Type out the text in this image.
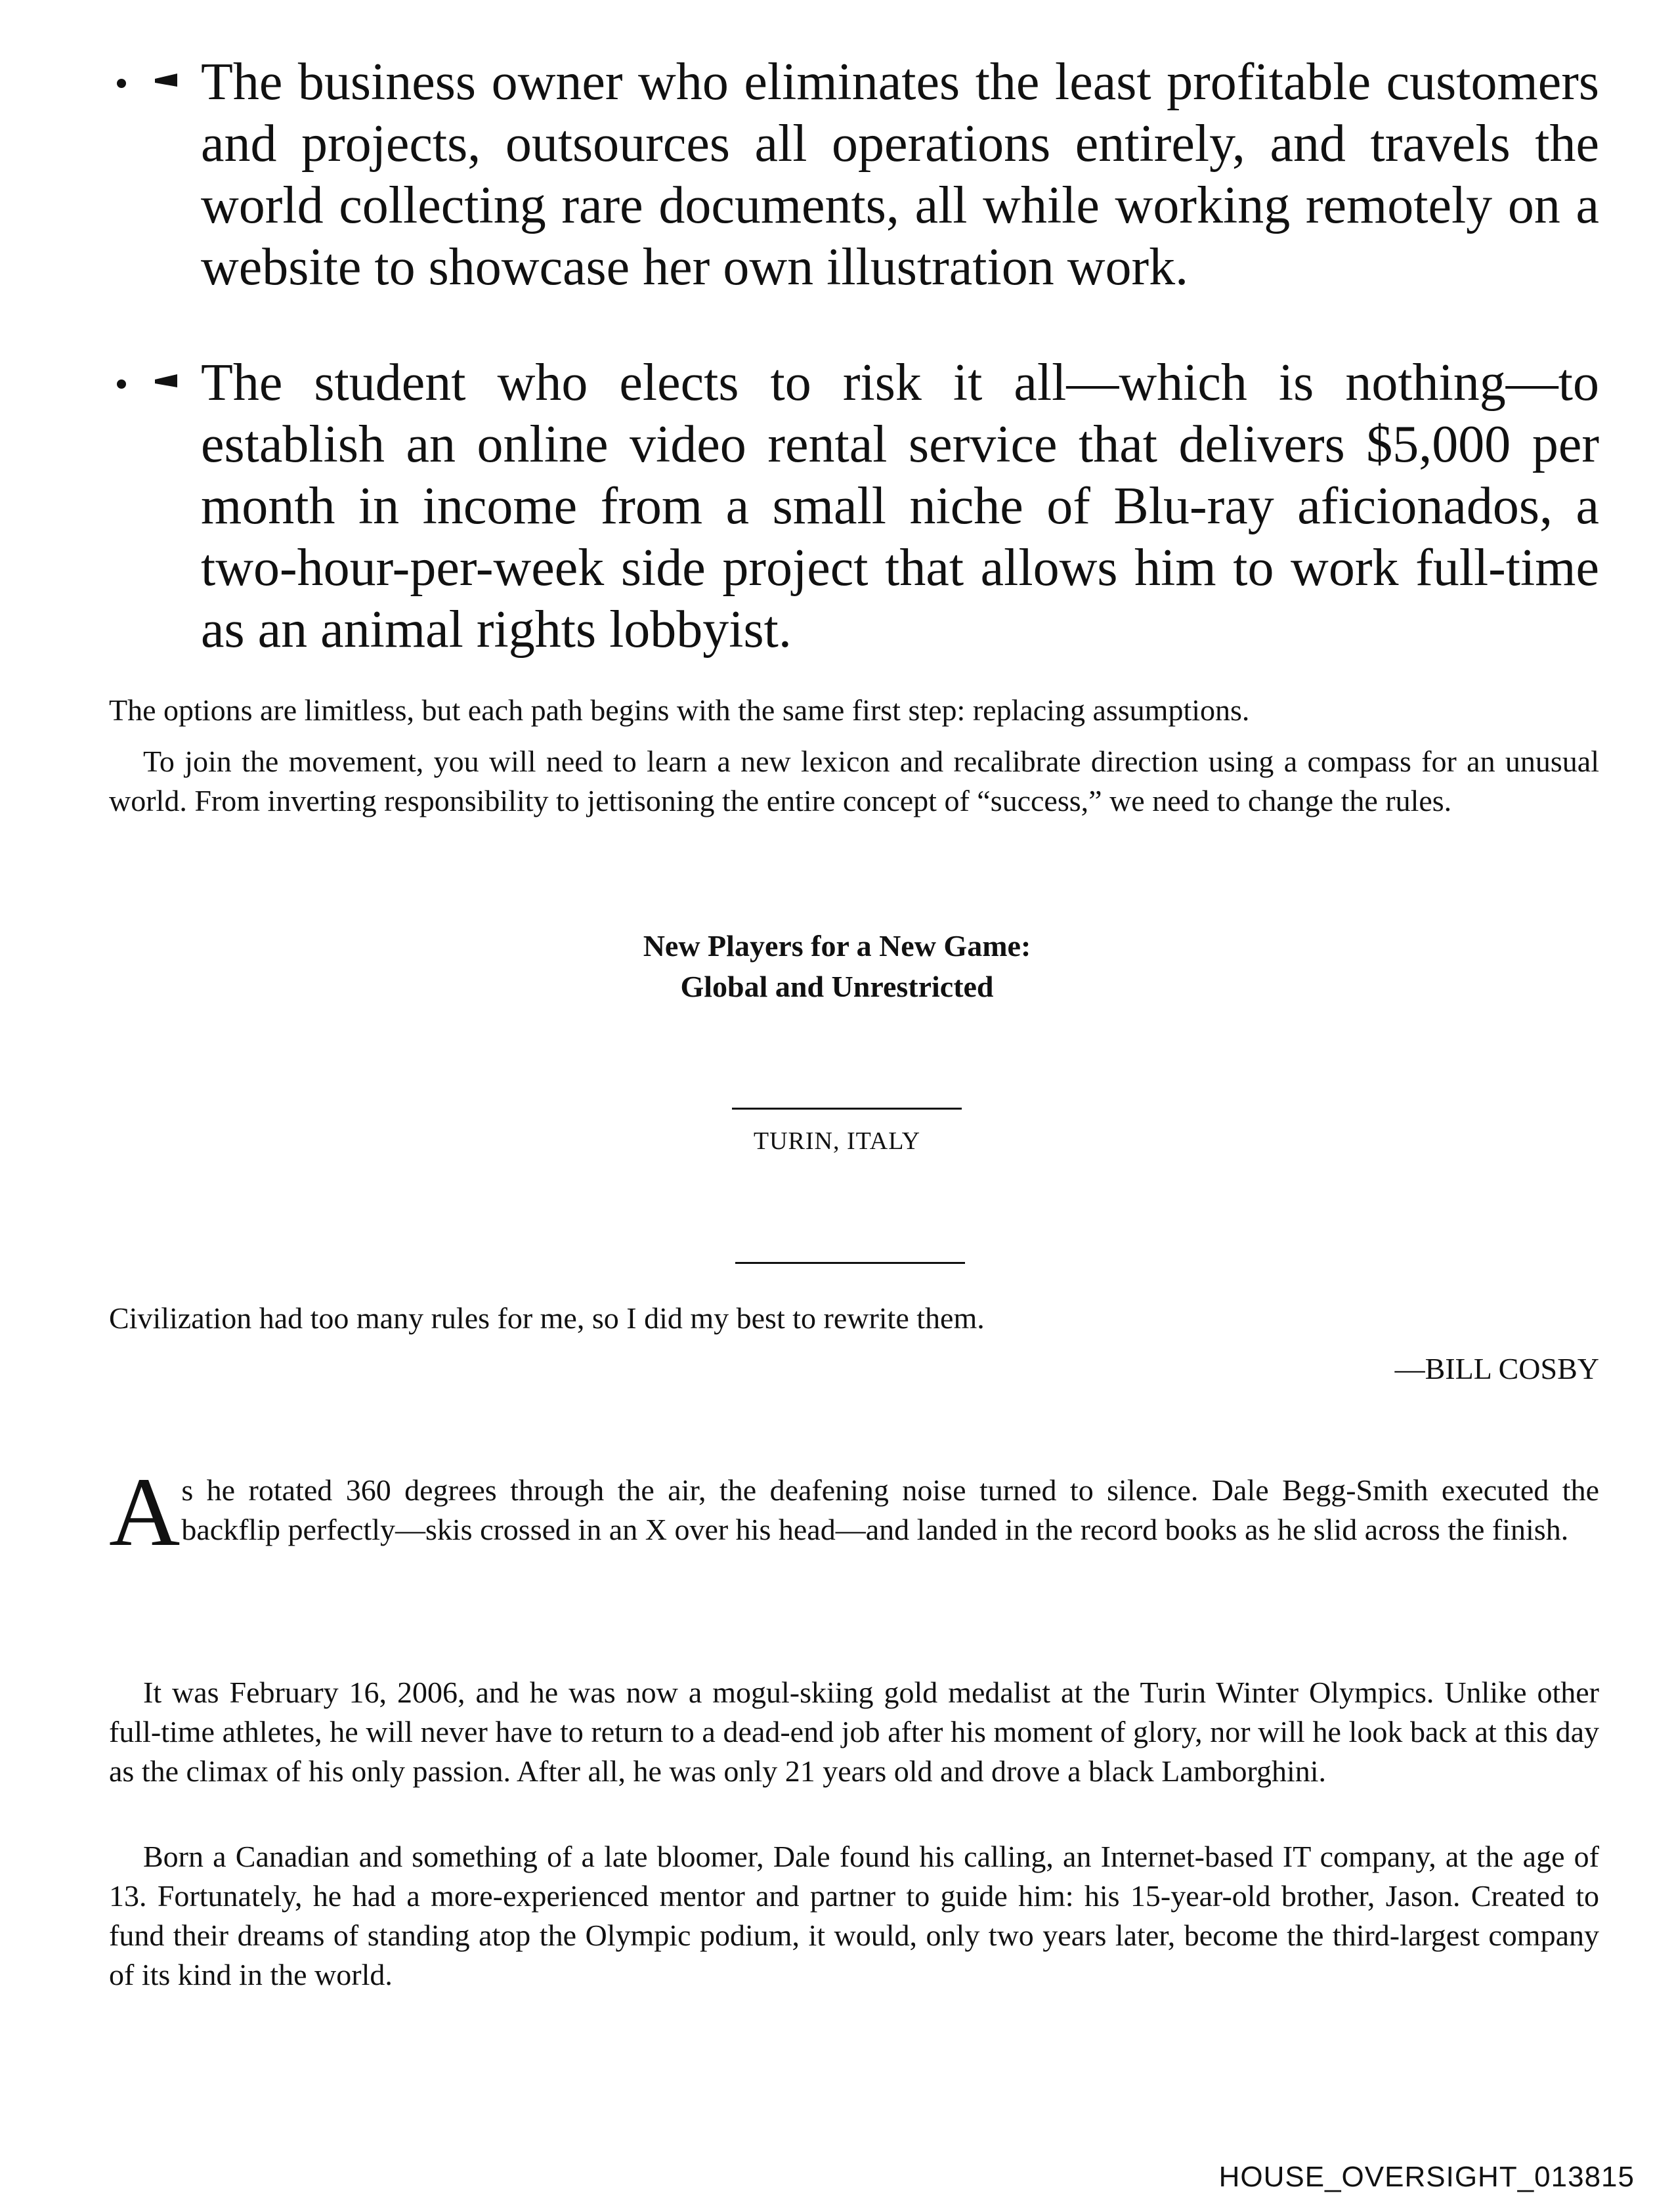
The business owner who eliminates the least profitable customers and projects, outsources all operations entirely, and travels the world collecting rare documents, all while working remotely on a website to showcase her own illustration work.
The student who elects to risk it all—which is nothing—to establish an online video rental service that delivers $5,000 per month in income from a small niche of Blu-ray aficionados, a two-hour-per-week side project that allows him to work full-time as an animal rights lobbyist.

The options are limitless, but each path begins with the same first step: replacing assumptions.

To join the movement, you will need to learn a new lexicon and recalibrate direction using a compass for an unusual world. From inverting responsibility to jettisoning the entire concept of “success,” we need to change the rules.

New Players for a New Game:
Global and Unrestricted
TURIN, ITALY
Civilization had too many rules for me, so I did my best to rewrite them.
—BILL COSBY

As he rotated 360 degrees through the air, the deafening noise turned to silence. Dale Begg-Smith executed the backflip perfectly—skis crossed in an X over his head—and landed in the record books as he slid across the finish.

It was February 16, 2006, and he was now a mogul-skiing gold medalist at the Turin Winter Olympics. Unlike other full-time athletes, he will never have to return to a dead-end job after his moment of glory, nor will he look back at this day as the climax of his only passion. After all, he was only 21 years old and drove a black Lamborghini.

Born a Canadian and something of a late bloomer, Dale found his calling, an Internet-based IT company, at the age of 13. Fortunately, he had a more-experienced mentor and partner to guide him: his 15-year-old brother, Jason. Created to fund their dreams of standing atop the Olympic podium, it would, only two years later, become the third-largest company of its kind in the world.

HOUSE_OVERSIGHT_013815
